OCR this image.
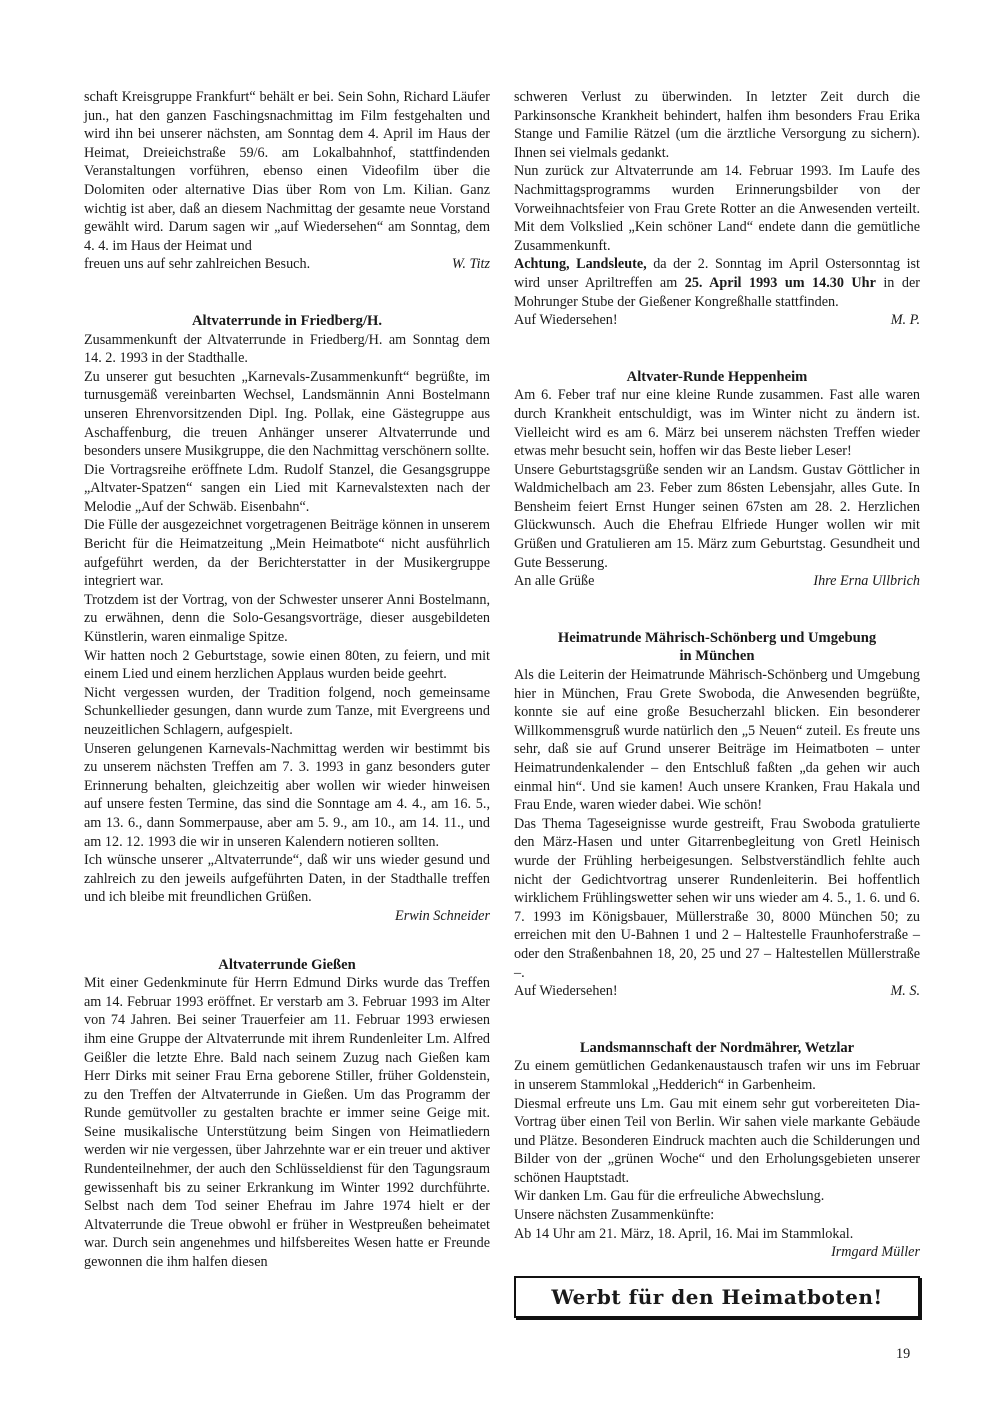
schaft Kreisgruppe Frankfurt“ behält er bei. Sein Sohn, Richard Läufer jun., hat den ganzen Faschingsnachmittag im Film festgehalten und wird ihn bei unserer nächsten, am Sonntag dem 4. April im Haus der Heimat, Dreieichstraße 59/6. am Lokalbahnhof, stattfindenden Veranstaltungen vorführen, ebenso einen Videofilm über die Dolomiten oder alternative Dias über Rom von Lm. Kilian. Ganz wichtig ist aber, daß an diesem Nachmittag der gesamte neue Vorstand gewählt wird. Darum sagen wir „auf Wiedersehen“ am Sonntag, dem 4. 4. im Haus der Heimat und

freuen uns auf sehr zahlreichen Besuch.	W. Titz
Altvaterrunde in Friedberg/H.

Zusammenkunft der Altvaterrunde in Friedberg/H. am Sonntag dem 14. 2. 1993 in der Stadthalle.

Zu unserer gut besuchten „Karnevals-Zusammenkunft“ begrüßte, im turnusgemäß vereinbarten Wechsel, Landsmännin Anni Bostelmann unseren Ehrenvorsitzenden Dipl. Ing. Pollak, eine Gästegruppe aus Aschaffenburg, die treuen Anhänger unserer Altvaterrunde und besonders unsere Musikgruppe, die den Nachmittag verschönern sollte.

Die Vortragsreihe eröffnete Ldm. Rudolf Stanzel, die Gesangsgruppe „Altvater-Spatzen“ sangen ein Lied mit Karnevalstexten nach der Melodie „Auf der Schwäb. Eisenbahn“.

Die Fülle der ausgezeichnet vorgetragenen Beiträge können in unserem Bericht für die Heimatzeitung „Mein Heimatbote“ nicht ausführlich aufgeführt werden, da der Berichterstatter in der Musikergruppe integriert war.

Trotzdem ist der Vortrag, von der Schwester unserer Anni Bostelmann, zu erwähnen, denn die Solo-Gesangsvorträge, dieser ausgebildeten Künstlerin, waren einmalige Spitze.

Wir hatten noch 2 Geburtstage, sowie einen 80ten, zu feiern, und mit einem Lied und einem herzlichen Applaus wurden beide geehrt.

Nicht vergessen wurden, der Tradition folgend, noch gemeinsame Schunkellieder gesungen, dann wurde zum Tanze, mit Evergreens und neuzeitlichen Schlagern, aufgespielt.

Unseren gelungenen Karnevals-Nachmittag werden wir bestimmt bis zu unserem nächsten Treffen am 7. 3. 1993 in ganz besonders guter Erinnerung behalten, gleichzeitig aber wollen wir wieder hinweisen auf unsere festen Termine, das sind die Sonntage am 4. 4., am 16. 5., am 13. 6., dann Sommerpause, aber am 5. 9., am 10., am 14. 11., und am 12. 12. 1993 die wir in unseren Kalendern notieren sollten.

Ich wünsche unserer „Altvaterrunde“, daß wir uns wieder gesund und zahlreich zu den jeweils aufgeführten Daten, in der Stadthalle treffen und ich bleibe mit freundlichen Grüßen.

Erwin Schneider
Altvaterrunde Gießen

Mit einer Gedenkminute für Herrn Edmund Dirks wurde das Treffen am 14. Februar 1993 eröffnet. Er verstarb am 3. Februar 1993 im Alter von 74 Jahren. Bei seiner Trauerfeier am 11. Februar 1993 erwiesen ihm eine Gruppe der Altvaterrunde mit ihrem Rundenleiter Lm. Alfred Geißler die letzte Ehre. Bald nach seinem Zuzug nach Gießen kam Herr Dirks mit seiner Frau Erna geborene Stiller, früher Goldenstein, zu den Treffen der Altvaterrunde in Gießen. Um das Programm der Runde gemütvoller zu gestalten brachte er immer seine Geige mit. Seine musikalische Unterstützung beim Singen von Heimatliedern werden wir nie vergessen, über Jahrzehnte war er ein treuer und aktiver Rundenteilnehmer, der auch den Schlüsseldienst für den Tagungsraum gewissenhaft bis zu seiner Erkrankung im Winter 1992 durchführte. Selbst nach dem Tod seiner Ehefrau im Jahre 1974 hielt er der Altvaterrunde die Treue obwohl er früher in Westpreußen beheimatet war. Durch sein angenehmes und hilfsbereites Wesen hatte er Freunde gewonnen die ihm halfen diesen

schweren Verlust zu überwinden. In letzter Zeit durch die Parkinsonsche Krankheit behindert, halfen ihm besonders Frau Erika Stange und Familie Rätzel (um die ärztliche Versorgung zu sichern). Ihnen sei vielmals gedankt.

Nun zurück zur Altvaterrunde am 14. Februar 1993. Im Laufe des Nachmittagsprogramms wurden Erinnerungsbilder von der Vorweihnachtsfeier von Frau Grete Rotter an die Anwesenden verteilt. Mit dem Volkslied „Kein schöner Land“ endete dann die gemütliche Zusammenkunft.

Achtung, Landsleute, da der 2. Sonntag im April Ostersonntag ist wird unser Apriltreffen am 25. April 1993 um 14.30 Uhr in der Mohrunger Stube der Gießener Kongreßhalle stattfinden.

Auf Wiedersehen!	M. P.
Altvater-Runde Heppenheim

Am 6. Feber traf nur eine kleine Runde zusammen. Fast alle waren durch Krankheit entschuldigt, was im Winter nicht zu ändern ist. Vielleicht wird es am 6. März bei unserem nächsten Treffen wieder etwas mehr besucht sein, hoffen wir das Beste lieber Leser!

Unsere Geburtstagsgrüße senden wir an Landsm. Gustav Göttlicher in Waldmichelbach am 23. Feber zum 86sten Lebensjahr, alles Gute. In Bensheim feiert Ernst Hunger seinen 67sten am 28. 2. Herzlichen Glückwunsch. Auch die Ehefrau Elfriede Hunger wollen wir mit Grüßen und Gratulieren am 15. März zum Geburtstag. Gesundheit und Gute Besserung.

An alle Grüße	Ihre Erna Ullbrich
Heimatrunde Mährisch-Schönberg und Umgebung
in München

Als die Leiterin der Heimatrunde Mährisch-Schönberg und Umgebung hier in München, Frau Grete Swoboda, die Anwesenden begrüßte, konnte sie auf eine große Besucherzahl blicken. Ein besonderer Willkommensgruß wurde natürlich den „5 Neuen“ zuteil. Es freute uns sehr, daß sie auf Grund unserer Beiträge im Heimatboten – unter Heimatrundenkalender – den Entschluß faßten „da gehen wir auch einmal hin“. Und sie kamen! Auch unsere Kranken, Frau Hakala und Frau Ende, waren wieder dabei. Wie schön!

Das Thema Tageseignisse wurde gestreift, Frau Swoboda gratulierte den März-Hasen und unter Gitarrenbegleitung von Gretl Heinisch wurde der Frühling herbeigesungen. Selbstverständlich fehlte auch nicht der Gedichtvortrag unserer Rundenleiterin. Bei hoffentlich wirklichem Frühlingswetter sehen wir uns wieder am 4. 5., 1. 6. und 6. 7. 1993 im Königsbauer, Müllerstraße 30, 8000 München 50; zu erreichen mit den U-Bahnen 1 und 2 – Haltestelle Fraunhoferstraße – oder den Straßenbahnen 18, 20, 25 und 27 – Haltestellen Müllerstraße –.

Auf Wiedersehen!	M. S.
Landsmannschaft der Nordmährer, Wetzlar

Zu einem gemütlichen Gedankenaustausch trafen wir uns im Februar in unserem Stammlokal „Hedderich“ in Garbenheim.

Diesmal erfreute uns Lm. Gau mit einem sehr gut vorbereiteten Dia-Vortrag über einen Teil von Berlin. Wir sahen viele markante Gebäude und Plätze. Besonderen Eindruck machten auch die Schilderungen und Bilder von der „grünen Woche“ und den Erholungsgebieten unserer schönen Hauptstadt.

Wir danken Lm. Gau für die erfreuliche Abwechslung.

Unsere nächsten Zusammenkünfte:

Ab 14 Uhr am 21. März, 18. April, 16. Mai im Stammlokal.

Irmgard Müller
Werbt für den Heimatboten!
19
